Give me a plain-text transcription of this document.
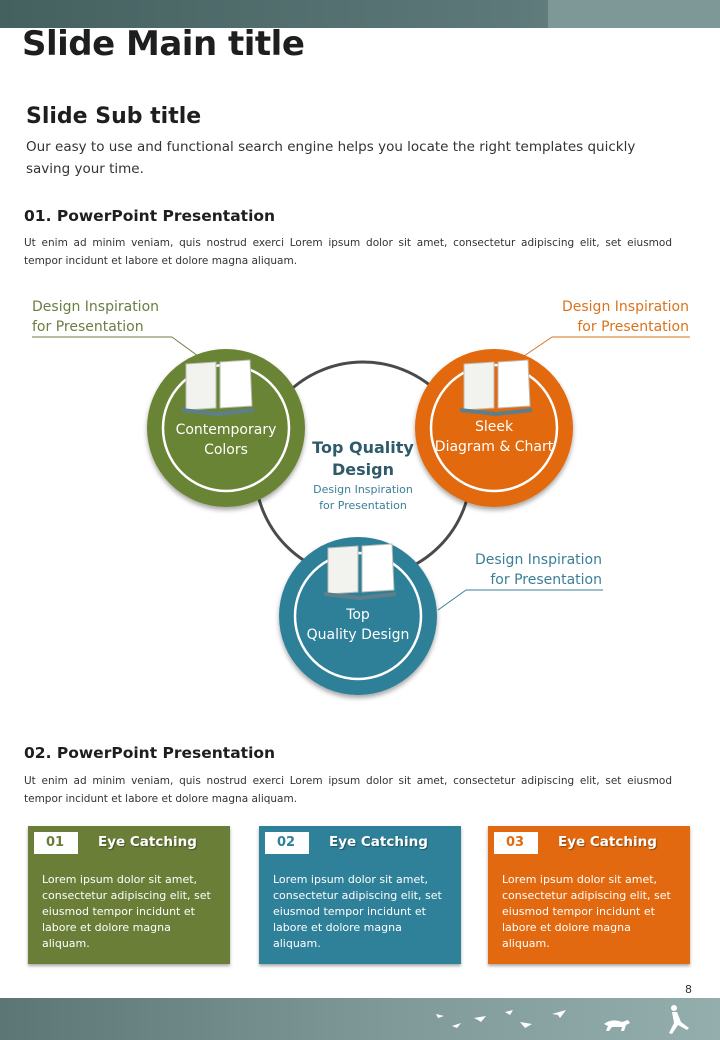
Slide Main title
Slide Sub title

Our easy to use and functional search engine helps you locate the right templates quickly saving your time.

01. PowerPoint Presentation

Ut enim ad minim veniam, quis nostrud exerci Lorem ipsum dolor sit amet, consectetur adipiscing elit, set eiusmod tempor incidunt et labore et dolore magna aliquam.

Design Inspiration
for Presentation
Design Inspiration
for Presentation
Design Inspiration
for Presentation
Top Quality
Design
Design Inspiration
for Presentation
Contemporary
Colors
Sleek
Diagram & Chart
Top
Quality Design
02. PowerPoint Presentation

Ut enim ad minim veniam, quis nostrud exerci Lorem ipsum dolor sit amet, consectetur adipiscing elit, set eiusmod tempor incidunt et labore et dolore magna aliquam.

01	Eye Catching
Lorem ipsum dolor sit amet, consectetur adipiscing elit, set eiusmod tempor incidunt et labore et dolore magna aliquam.
02	Eye Catching
Lorem ipsum dolor sit amet, consectetur adipiscing elit, set eiusmod tempor incidunt et labore et dolore magna aliquam.
03	Eye Catching
Lorem ipsum dolor sit amet, consectetur adipiscing elit, set eiusmod tempor incidunt et labore et dolore magna aliquam.
8
